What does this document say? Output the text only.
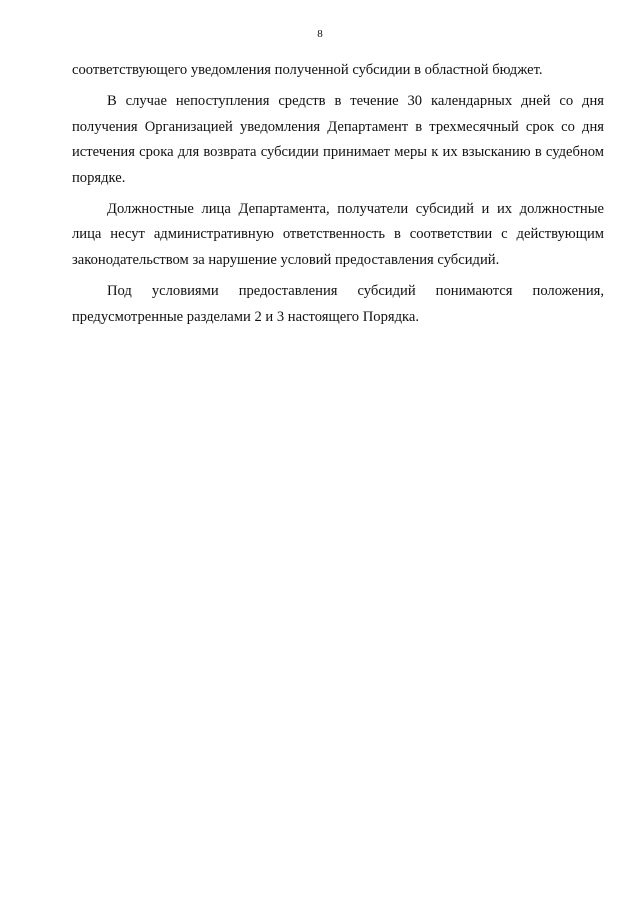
8

соответствующего уведомления полученной субсидии в областной бюджет.

В случае непоступления средств в течение 30 календарных дней со дня получения Организацией уведомления Департамент в трехмесячный срок со дня истечения срока для возврата субсидии принимает меры к их взысканию в судебном порядке.

Должностные лица Департамента, получатели субсидий и их должностные лица несут административную ответственность в соответствии с действующим законодательством за нарушение условий предоставления субсидий.

Под условиями предоставления субсидий понимаются положения, предусмотренные разделами 2 и 3 настоящего Порядка.
